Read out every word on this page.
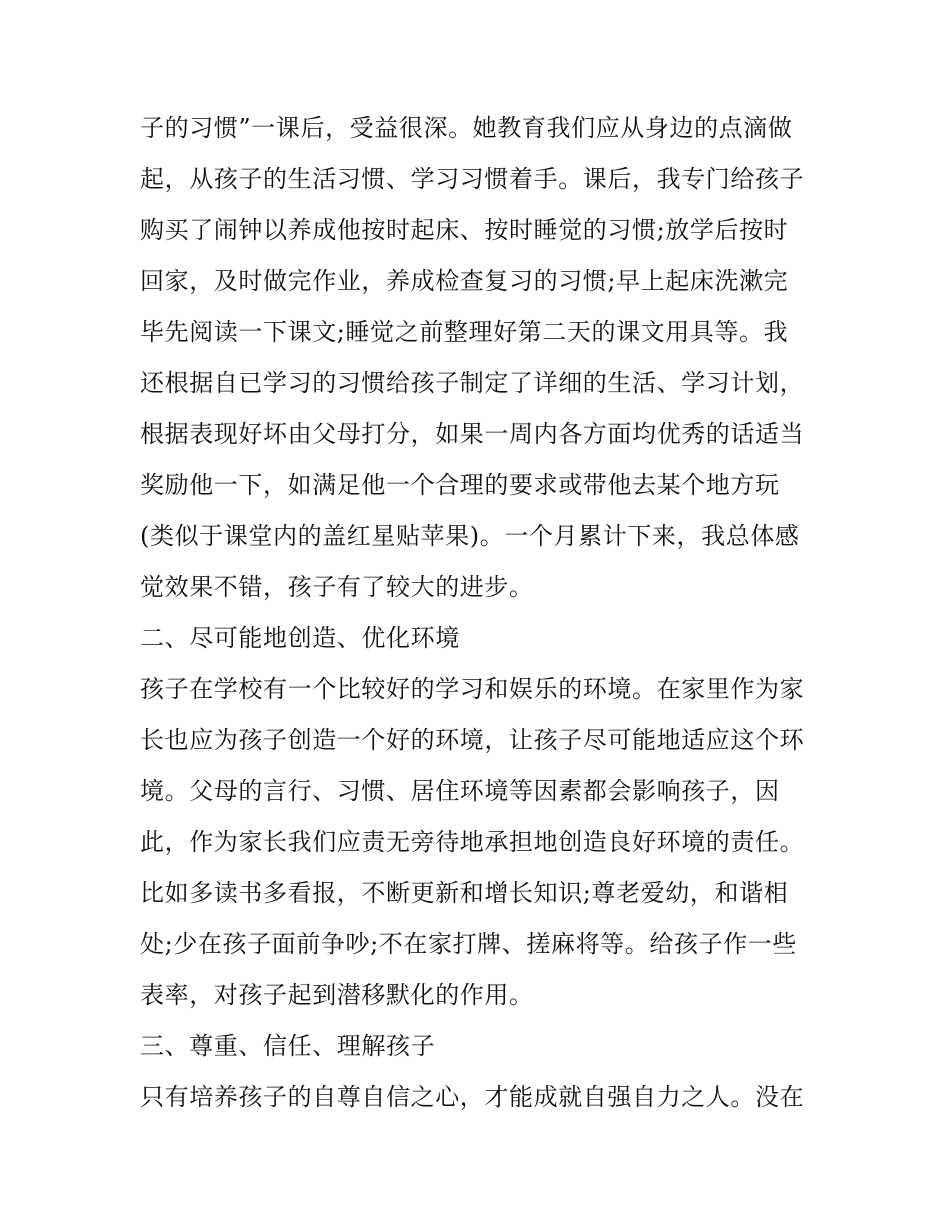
子的习惯”一课后，受益很深。她教育我们应从身边的点滴做
起，从孩子的生活习惯、学习习惯着手。课后，我专门给孩子
购买了闹钟以养成他按时起床、按时睡觉的习惯;放学后按时
回家，及时做完作业，养成检查复习的习惯;早上起床洗漱完
毕先阅读一下课文;睡觉之前整理好第二天的课文用具等。我
还根据自已学习的习惯给孩子制定了详细的生活、学习计划，
根据表现好坏由父母打分，如果一周内各方面均优秀的话适当
奖励他一下，如满足他一个合理的要求或带他去某个地方玩
(类似于课堂内的盖红星贴苹果)。一个月累计下来，我总体感
觉效果不错，孩子有了较大的进步。
二、尽可能地创造、优化环境
孩子在学校有一个比较好的学习和娱乐的环境。在家里作为家
长也应为孩子创造一个好的环境，让孩子尽可能地适应这个环
境。父母的言行、习惯、居住环境等因素都会影响孩子，因
此，作为家长我们应责无旁待地承担地创造良好环境的责任。
比如多读书多看报，不断更新和增长知识;尊老爱幼，和谐相
处;少在孩子面前争吵;不在家打牌、搓麻将等。给孩子作一些
表率，对孩子起到潜移默化的作用。
三、尊重、信任、理解孩子
只有培养孩子的自尊自信之心，才能成就自强自力之人。没在
